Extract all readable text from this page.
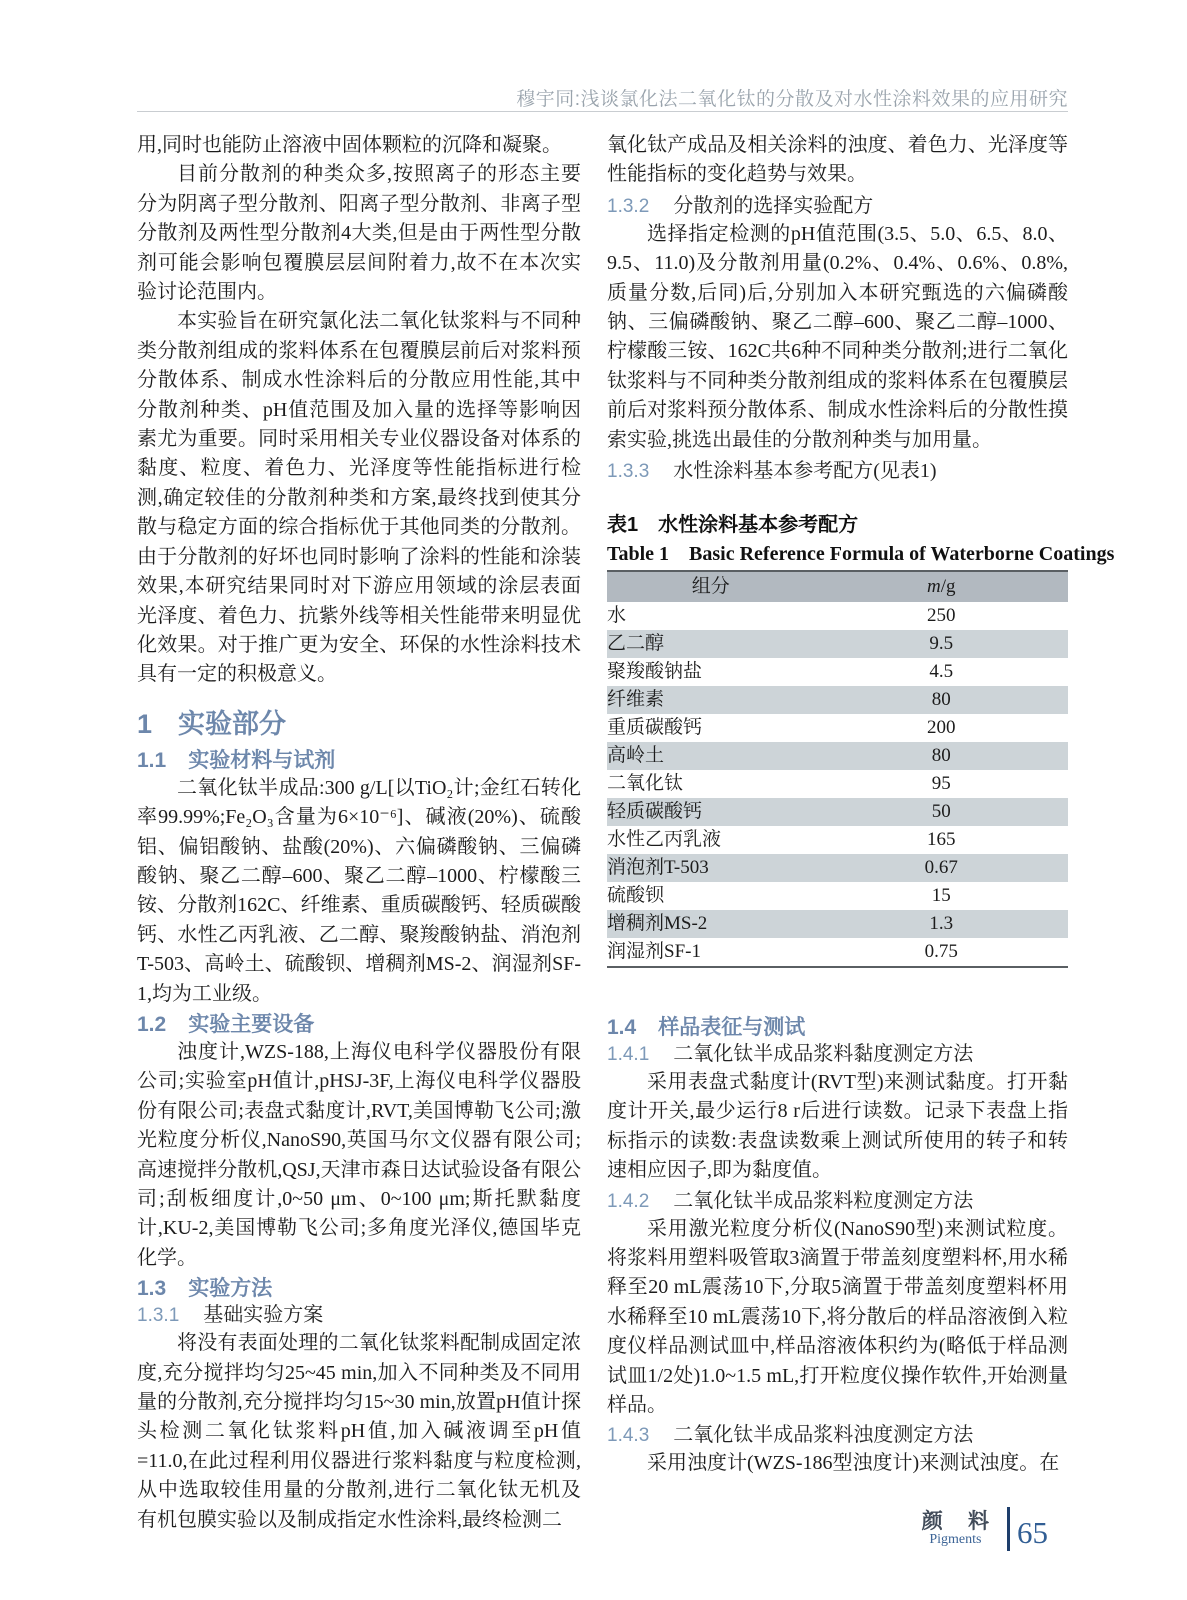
穆宇同:浅谈氯化法二氧化钛的分散及对水性涂料效果的应用研究

用,同时也能防止溶液中固体颗粒的沉降和凝聚。

目前分散剂的种类众多,按照离子的形态主要分为阴离子型分散剂、阳离子型分散剂、非离子型分散剂及两性型分散剂4大类,但是由于两性型分散剂可能会影响包覆膜层层间附着力,故不在本次实验讨论范围内。

本实验旨在研究氯化法二氧化钛浆料与不同种类分散剂组成的浆料体系在包覆膜层前后对浆料预分散体系、制成水性涂料后的分散应用性能,其中分散剂种类、pH值范围及加入量的选择等影响因素尤为重要。同时采用相关专业仪器设备对体系的黏度、粒度、着色力、光泽度等性能指标进行检测,确定较佳的分散剂种类和方案,最终找到使其分散与稳定方面的综合指标优于其他同类的分散剂。由于分散剂的好坏也同时影响了涂料的性能和涂装效果,本研究结果同时对下游应用领域的涂层表面光泽度、着色力、抗紫外线等相关性能带来明显优化效果。对于推广更为安全、环保的水性涂料技术具有一定的积极意义。

1 实验部分
1.1 实验材料与试剂

二氧化钛半成品:300 g/L[以TiO₂计;金红石转化率99.99%;Fe₂O₃含量为6×10⁻⁶]、碱液(20%)、硫酸铝、偏铝酸钠、盐酸(20%)、六偏磷酸钠、三偏磷酸钠、聚乙二醇–600、聚乙二醇–1000、柠檬酸三铵、分散剂162C、纤维素、重质碳酸钙、轻质碳酸钙、水性乙丙乳液、乙二醇、聚羧酸钠盐、消泡剂T-503、高岭土、硫酸钡、增稠剂MS-2、润湿剂SF-1,均为工业级。

1.2 实验主要设备

浊度计,WZS-188,上海仪电科学仪器股份有限公司;实验室pH值计,pHSJ-3F,上海仪电科学仪器股份有限公司;表盘式黏度计,RVT,美国博勒飞公司;激光粒度分析仪,NanoS90,英国马尔文仪器有限公司;高速搅拌分散机,QSJ,天津市森日达试验设备有限公司;刮板细度计,0~50 μm、0~100 μm;斯托默黏度计,KU-2,美国博勒飞公司;多角度光泽仪,德国毕克化学。

1.3 实验方法
1.3.1 基础实验方案

将没有表面处理的二氧化钛浆料配制成固定浓度,充分搅拌均匀25~45 min,加入不同种类及不同用量的分散剂,充分搅拌均匀15~30 min,放置pH值计探头检测二氧化钛浆料pH值,加入碱液调至pH值=11.0,在此过程利用仪器进行浆料黏度与粒度检测,从中选取较佳用量的分散剂,进行二氧化钛无机及有机包膜实验以及制成指定水性涂料,最终检测二

氧化钛产成品及相关涂料的浊度、着色力、光泽度等性能指标的变化趋势与效果。

1.3.2 分散剂的选择实验配方

选择指定检测的pH值范围(3.5、5.0、6.5、8.0、9.5、11.0)及分散剂用量(0.2%、0.4%、0.6%、0.8%,质量分数,后同)后,分别加入本研究甄选的六偏磷酸钠、三偏磷酸钠、聚乙二醇–600、聚乙二醇–1000、柠檬酸三铵、162C共6种不同种类分散剂;进行二氧化钛浆料与不同种类分散剂组成的浆料体系在包覆膜层前后对浆料预分散体系、制成水性涂料后的分散性摸索实验,挑选出最佳的分散剂种类与加用量。

1.3.3 水性涂料基本参考配方(见表1)

表1　水性涂料基本参考配方

Table 1　Basic Reference Formula of Waterborne Coatings

组分	m/g
水	250
乙二醇	9.5
聚羧酸钠盐	4.5
纤维素	80
重质碳酸钙	200
高岭土	80
二氧化钛	95
轻质碳酸钙	50
水性乙丙乳液	165
消泡剂T-503	0.67
硫酸钡	15
增稠剂MS-2	1.3
润湿剂SF-1	0.75
1.4 样品表征与测试
1.4.1 二氧化钛半成品浆料黏度测定方法

采用表盘式黏度计(RVT型)来测试黏度。打开黏度计开关,最少运行8 r后进行读数。记录下表盘上指标指示的读数:表盘读数乘上测试所使用的转子和转速相应因子,即为黏度值。

1.4.2 二氧化钛半成品浆料粒度测定方法

采用激光粒度分析仪(NanoS90型)来测试粒度。将浆料用塑料吸管取3滴置于带盖刻度塑料杯,用水稀释至20 mL震荡10下,分取5滴置于带盖刻度塑料杯用水稀释至10 mL震荡10下,将分散后的样品溶液倒入粒度仪样品测试皿中,样品溶液体积约为(略低于样品测试皿1/2处)1.0~1.5 mL,打开粒度仪操作软件,开始测量样品。

1.4.3 二氧化钛半成品浆料浊度测定方法

采用浊度计(WZS-186型浊度计)来测试浊度。在

颜 料
Pigments	65
